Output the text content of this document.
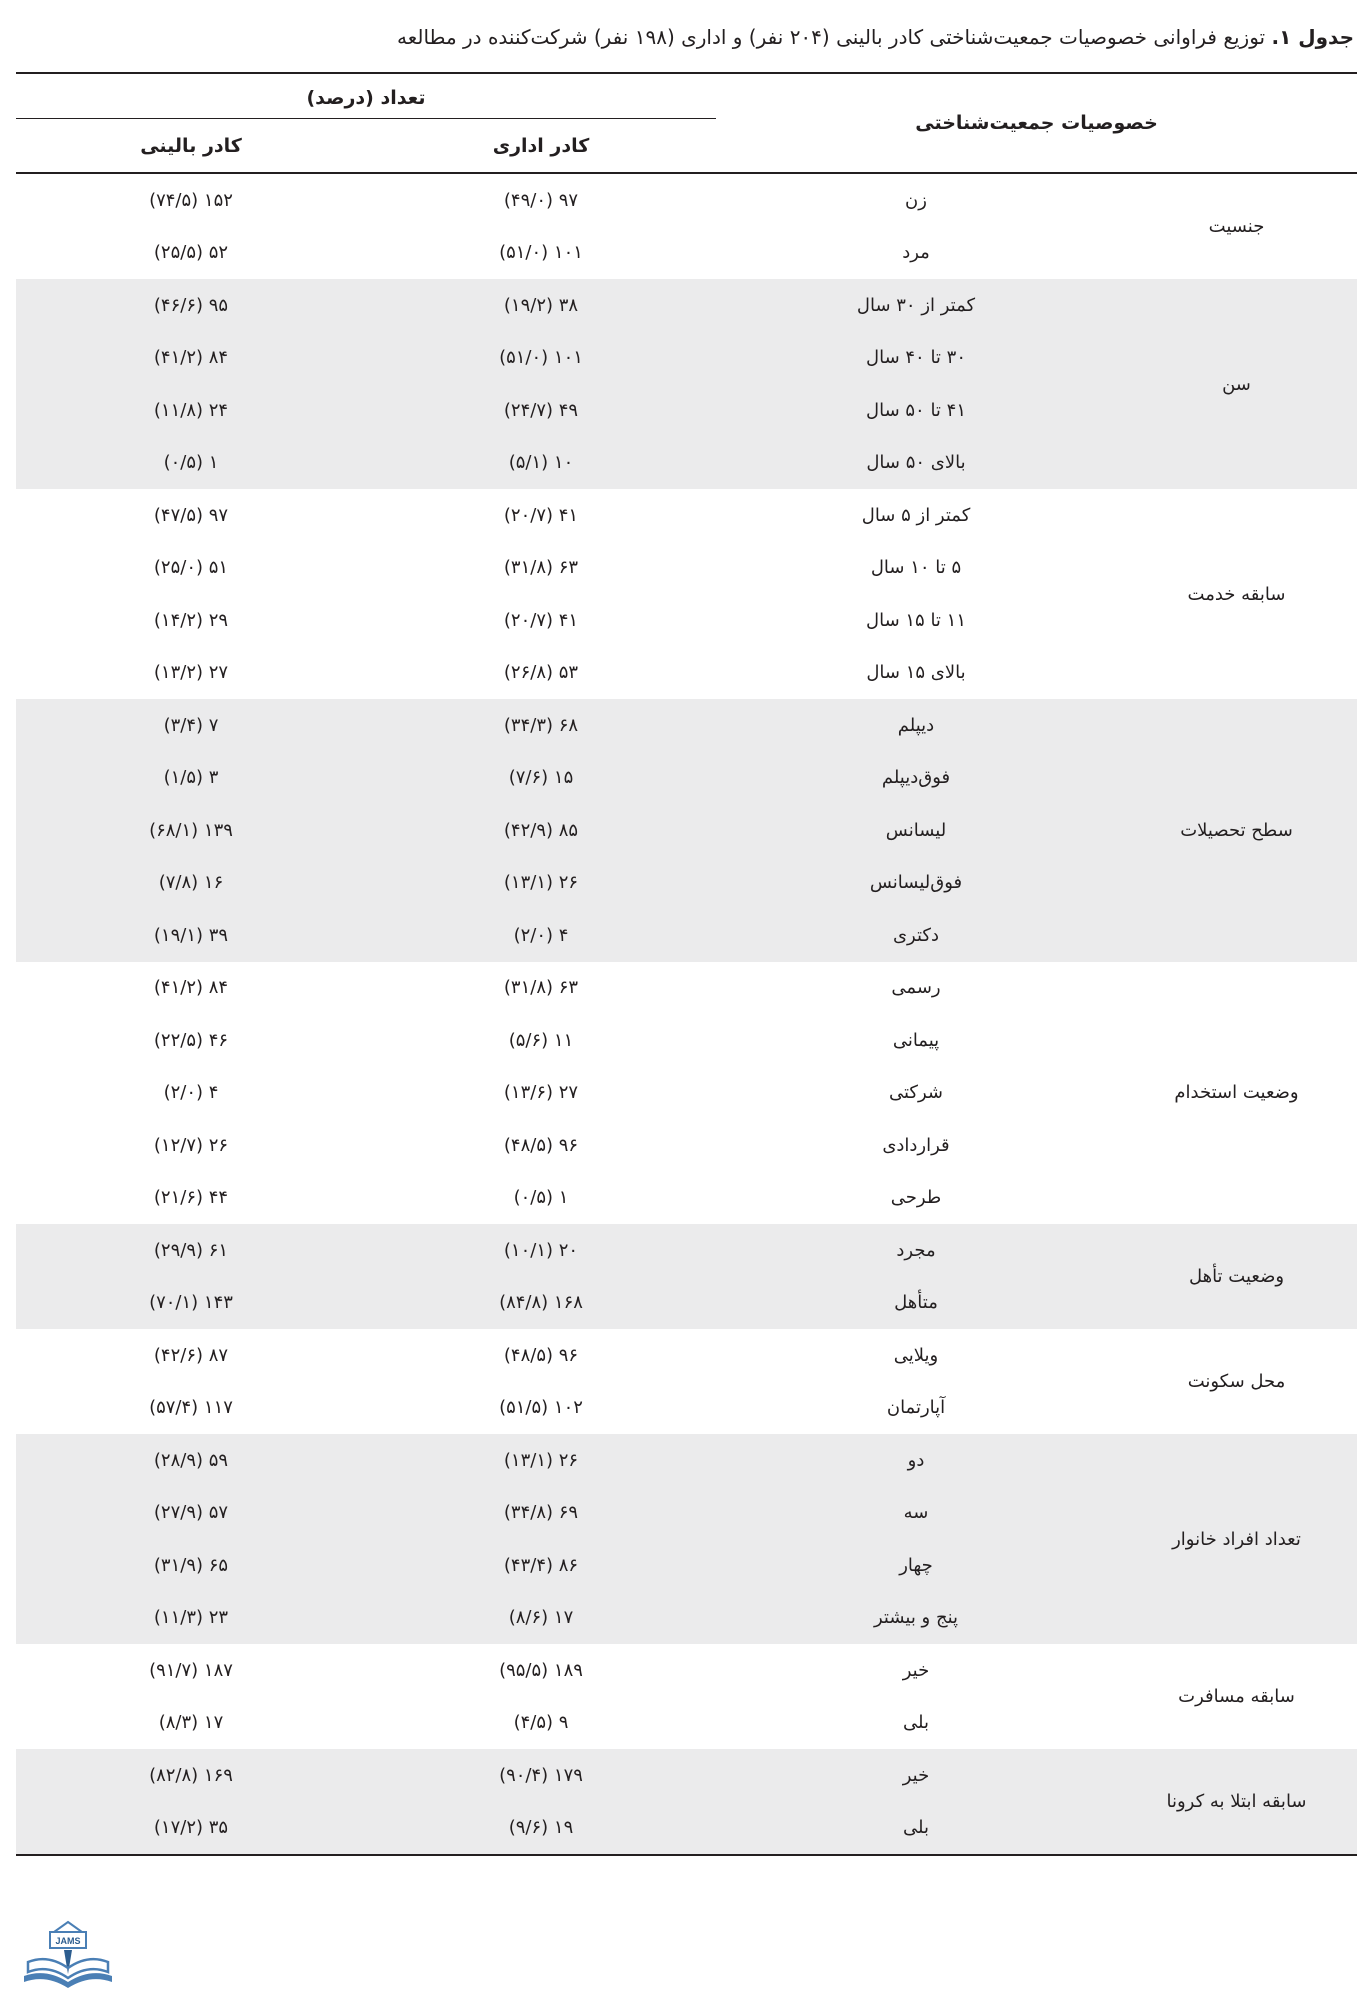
جدول ۱. توزیع فراوانی خصوصیات جمعیت‌شناختی کادر بالینی (۲۰۴ نفر) و اداری (۱۹۸ نفر) شرکت‌کننده در مطالعه
تعداد (درصد)
کادر بالینی	کادر اداری
خصوصیات جمعیت‌شناختی
۱۵۲ (۷۴/۵)	۹۷ (۴۹/۰)	زن
۵۲ (۲۵/۵)	۱۰۱ (۵۱/۰)	مرد
جنسیت
۹۵ (۴۶/۶)	۳۸ (۱۹/۲)	کمتر از ۳۰ سال
۸۴ (۴۱/۲)	۱۰۱ (۵۱/۰)	۳۰ تا ۴۰ سال
۲۴ (۱۱/۸)	۴۹ (۲۴/۷)	۴۱ تا ۵۰ سال
۱ (۰/۵)	۱۰ (۵/۱)	بالای ۵۰ سال
سن
۹۷ (۴۷/۵)	۴۱ (۲۰/۷)	کمتر از ۵ سال
۵۱ (۲۵/۰)	۶۳ (۳۱/۸)	۵ تا ۱۰ سال
۲۹ (۱۴/۲)	۴۱ (۲۰/۷)	۱۱ تا ۱۵ سال
۲۷ (۱۳/۲)	۵۳ (۲۶/۸)	بالای ۱۵ سال
سابقه خدمت
۷ (۳/۴)	۶۸ (۳۴/۳)	دیپلم
۳ (۱/۵)	۱۵ (۷/۶)	فوق‌دیپلم
۱۳۹ (۶۸/۱)	۸۵ (۴۲/۹)	لیسانس
۱۶ (۷/۸)	۲۶ (۱۳/۱)	فوق‌لیسانس
۳۹ (۱۹/۱)	۴ (۲/۰)	دکتری
سطح تحصیلات
۸۴ (۴۱/۲)	۶۳ (۳۱/۸)	رسمی
۴۶ (۲۲/۵)	۱۱ (۵/۶)	پیمانی
۴ (۲/۰)	۲۷ (۱۳/۶)	شرکتی
۲۶ (۱۲/۷)	۹۶ (۴۸/۵)	قراردادی
۴۴ (۲۱/۶)	۱ (۰/۵)	طرحی
وضعیت استخدام
۶۱ (۲۹/۹)	۲۰ (۱۰/۱)	مجرد
۱۴۳ (۷۰/۱)	۱۶۸ (۸۴/۸)	متأهل
وضعیت تأهل
۸۷ (۴۲/۶)	۹۶ (۴۸/۵)	ویلایی
۱۱۷ (۵۷/۴)	۱۰۲ (۵۱/۵)	آپارتمان
محل سکونت
۵۹ (۲۸/۹)	۲۶ (۱۳/۱)	دو
۵۷ (۲۷/۹)	۶۹ (۳۴/۸)	سه
۶۵ (۳۱/۹)	۸۶ (۴۳/۴)	چهار
۲۳ (۱۱/۳)	۱۷ (۸/۶)	پنج و بیشتر
تعداد افراد خانوار
۱۸۷ (۹۱/۷)	۱۸۹ (۹۵/۵)	خیر
۱۷ (۸/۳)	۹ (۴/۵)	بلی
سابقه مسافرت
۱۶۹ (۸۲/۸)	۱۷۹ (۹۰/۴)	خیر
۳۵ (۱۷/۲)	۱۹ (۹/۶)	بلی
سابقه ابتلا به کرونا
JAMS
